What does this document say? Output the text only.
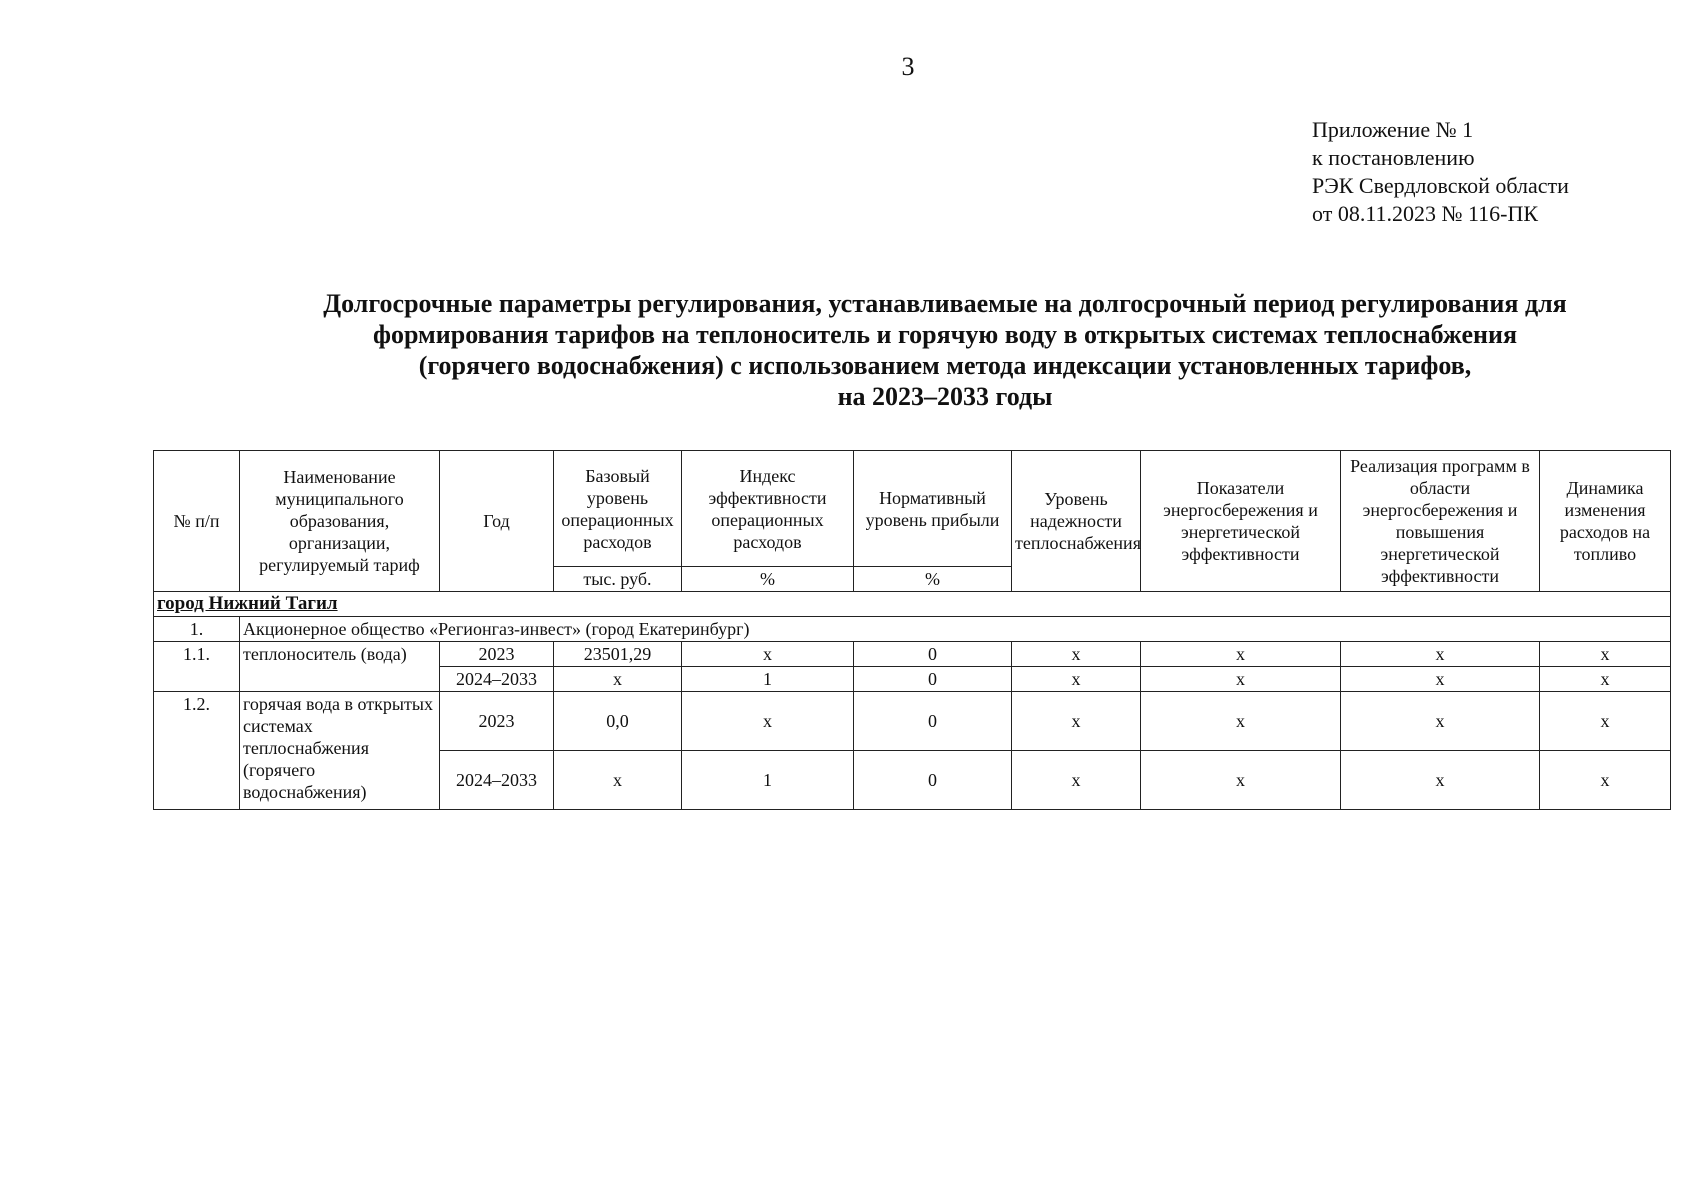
3
Приложение № 1
к постановлению
РЭК Свердловской области
от 08.11.2023 № 116-ПК
Долгосрочные параметры регулирования, устанавливаемые на долгосрочный период регулирования для
формирования тарифов на теплоноситель и горячую воду в открытых системах теплоснабжения
(горячего водоснабжения) с использованием метода индексации установленных тарифов,
на 2023–2033 годы
№ п/п	Наименование муниципального образования, организации, регулируемый тариф	Год	Базовый уровень операционных расходов	Индекс эффективности операционных расходов	Нормативный уровень прибыли	Уровень надежности теплоснабжения	Показатели энергосбережения и энергетической эффективности	Реализация программ в области энергосбережения и повышения энергетической эффективности	Динамика изменения расходов на топливо
			тыс. руб.	%	%				
город Нижний Тагил									
1.	Акционерное общество «Регионгаз-инвест» (город Екатеринбург)								
1.1.	теплоноситель (вода)	2023	23501,29	х	0	х	х	х	х
		2024–2033	х	1	0	х	х	х	х
1.2.	горячая вода в открытых системах теплоснабжения (горячего водоснабжения)	2023	0,0	х	0	х	х	х	х
		2024–2033	х	1	0	х	х	х	х
